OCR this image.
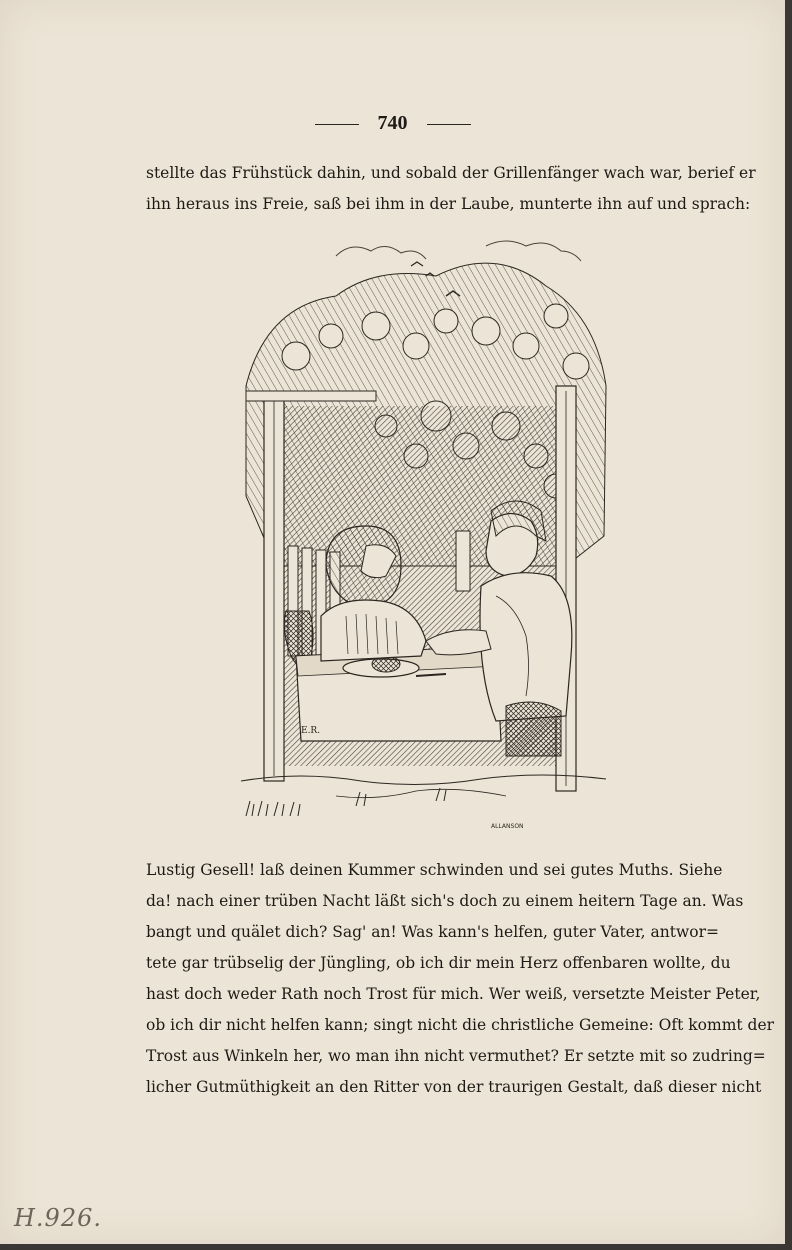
740
stellte das Frühstück dahin, und sobald der Grillenfänger wach war, berief er
ihn heraus ins Freie, saß bei ihm in der Laube, munterte ihn auf und sprach:
E.R.
ALLANSON
Lustig Gesell! laß deinen Kummer schwinden und sei gutes Muths. Siehe
da! nach einer trüben Nacht läßt sich's doch zu einem heitern Tage an. Was
bangt und quälet dich? Sag' an! Was kann's helfen, guter Vater, antwor=
tete gar trübselig der Jüngling, ob ich dir mein Herz offenbaren wollte, du
hast doch weder Rath noch Trost für mich. Wer weiß, versetzte Meister Peter,
ob ich dir nicht helfen kann; singt nicht die christliche Gemeine: Oft kommt der
Trost aus Winkeln her, wo man ihn nicht vermuthet? Er setzte mit so zudring=
licher Gutmüthigkeit an den Ritter von der traurigen Gestalt, daß dieser nicht
H.926.
